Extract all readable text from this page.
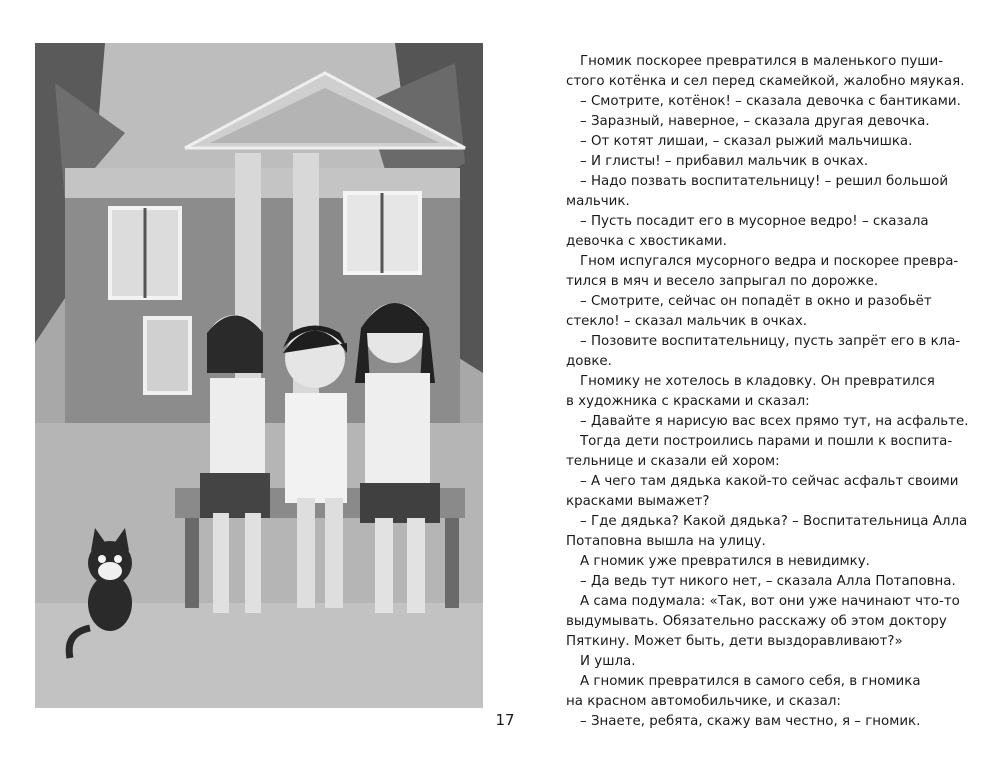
Гномик поскорее превратился в маленького пуши-

стого котёнка и сел перед скамейкой, жалобно мяукая.

– Смотрите, котёнок! – сказала девочка с бантиками.

– Заразный, наверное, – сказала другая девочка.

– От котят лишаи, – сказал рыжий мальчишка.

– И глисты! – прибавил мальчик в очках.

– Надо позвать воспитательницу! – решил большой

мальчик.

– Пусть посадит его в мусорное ведро! – сказала

девочка с хвостиками.

Гном испугался мусорного ведра и поскорее превра-

тился в мяч и весело запрыгал по дорожке.

– Смотрите, сейчас он попадёт в окно и разобьёт

стекло! – сказал мальчик в очках.

– Позовите воспитательницу, пусть запрёт его в кла-

довке.

Гномику не хотелось в кладовку. Он превратился

в художника с красками и сказал:

– Давайте я нарисую вас всех прямо тут, на асфальте.

Тогда дети построились парами и пошли к воспита-

тельнице и сказали ей хором:

– А чего там дядька какой-то сейчас асфальт своими

красками вымажет?

– Где дядька? Какой дядька? – Воспитательница Алла

Потаповна вышла на улицу.

А гномик уже превратился в невидимку.

– Да ведь тут никого нет, – сказала Алла Потаповна.

А сама подумала: «Так, вот они уже начинают что-то

выдумывать. Обязательно расскажу об этом доктору

Пяткину. Может быть, дети выздоравливают?»

И ушла.

А гномик превратился в самого себя, в гномика

на красном автомобильчике, и сказал:

– Знаете, ребята, скажу вам честно, я – гномик.

17
